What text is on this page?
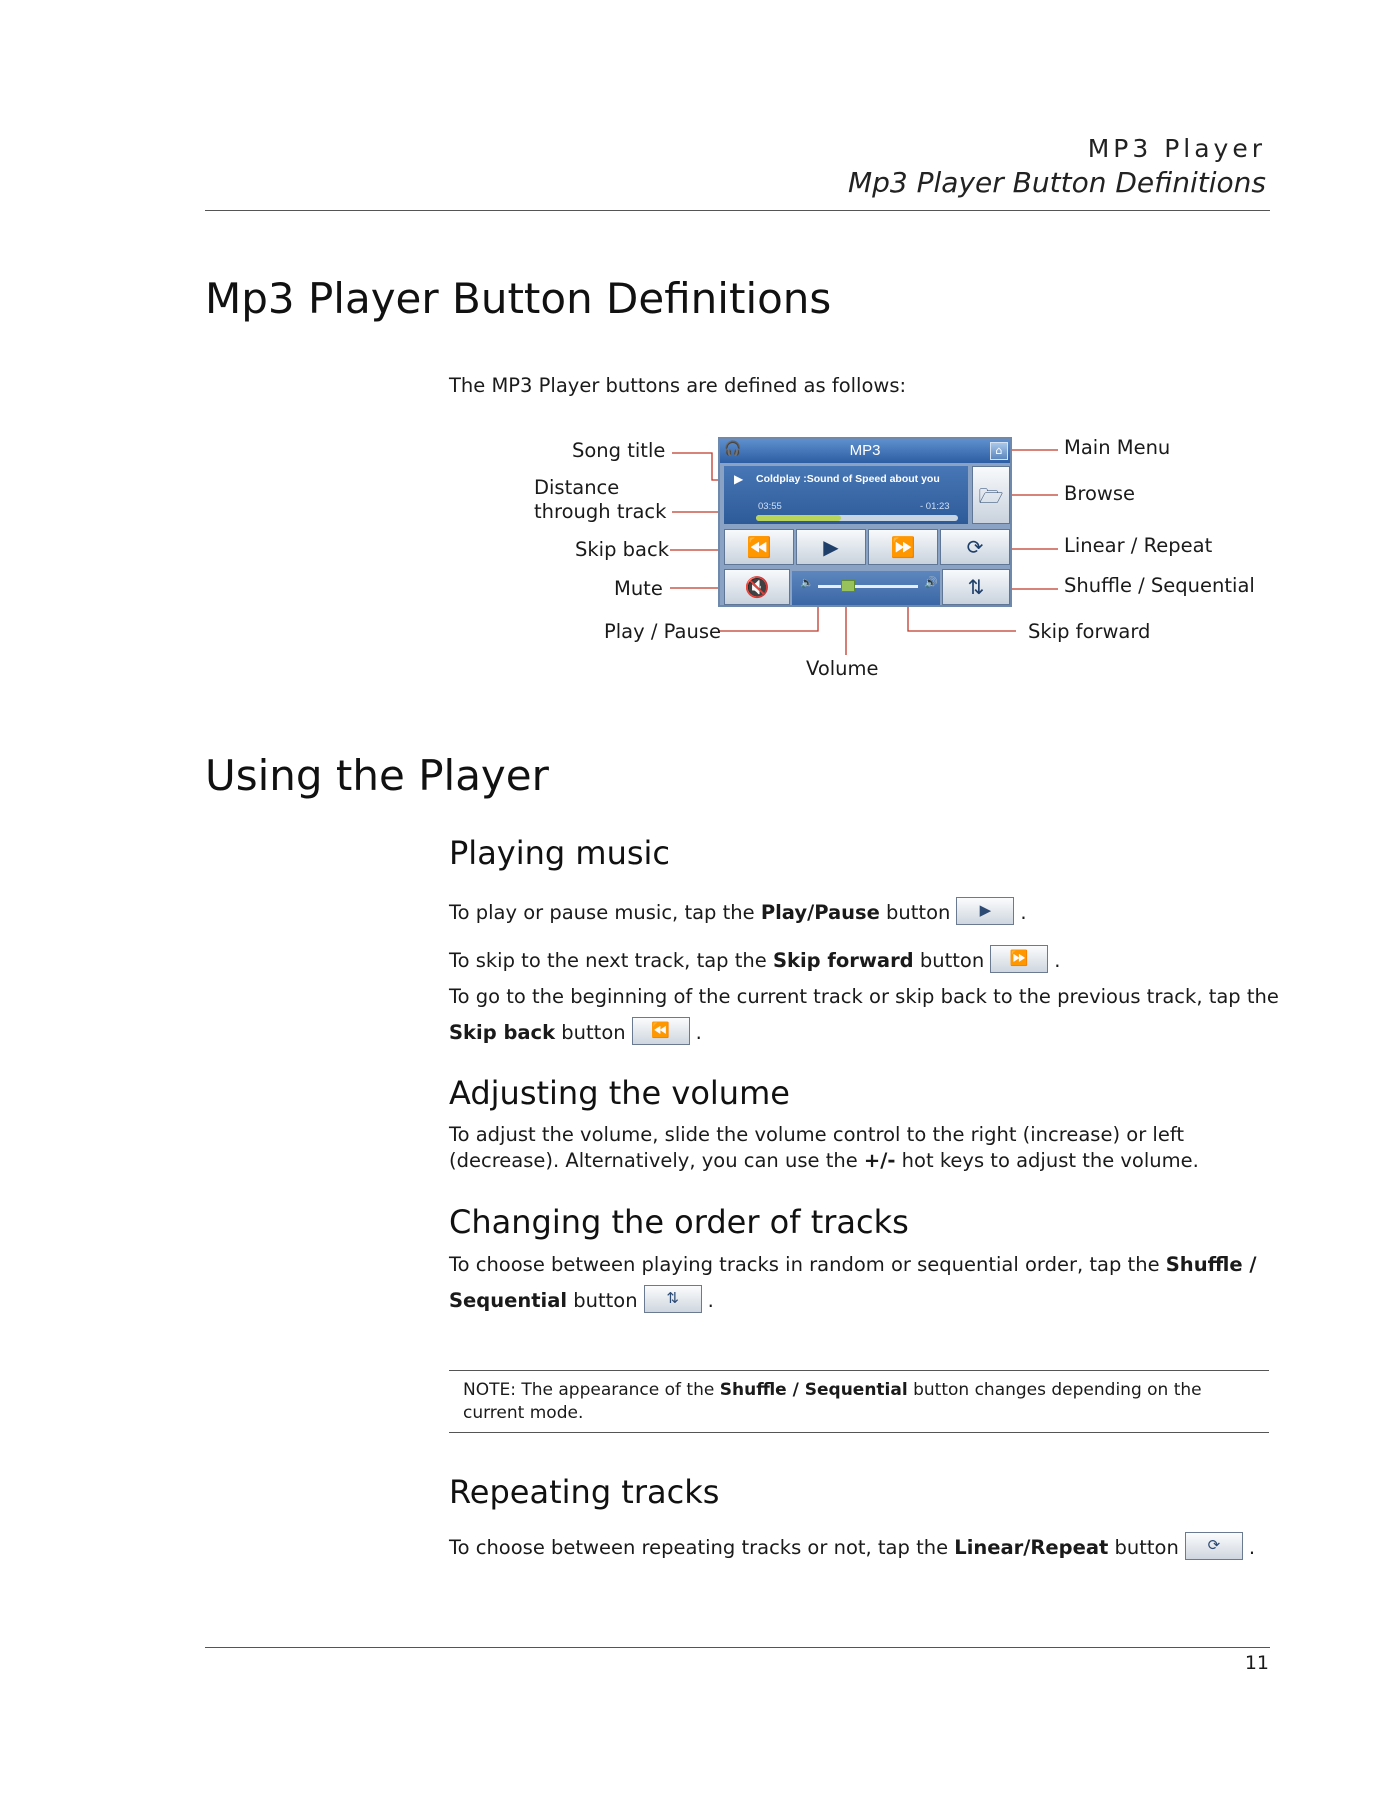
MP3 Player
Mp3 Player Button Definitions
Mp3 Player Button Definitions
The MP3 Player buttons are defined as follows:
Song title
Distance
through track
Skip back
Mute
Play / Pause
Volume
Skip forward
Main Menu
Browse
Linear / Repeat
Shuffle / Sequential
MP3
🎧	⌂
▶ Coldplay :Sound of Speed about you
03:55	- 01:23	🗁
⏪	▶	⏩	⟳
🔇	🔈	🔊	⇅
Using the Player
Playing music
To play or pause music, tap the Play/Pause button ▶ .
To skip to the next track, tap the Skip forward button ⏩ .
To go to the beginning of the current track or skip back to the previous track, tap the

Skip back button ⏪ .
Adjusting the volume
To adjust the volume, slide the volume control to the right (increase) or left (decrease). Alternatively, you can use the +/- hot keys to adjust the volume.
Changing the order of tracks
To choose between playing tracks in random or sequential order, tap the Shuffle /

Sequential button ⇅ .
NOTE: The appearance of the Shuffle / Sequential button changes depending on the current mode.
Repeating tracks
To choose between repeating tracks or not, tap the Linear/Repeat button ⟳ .
11
